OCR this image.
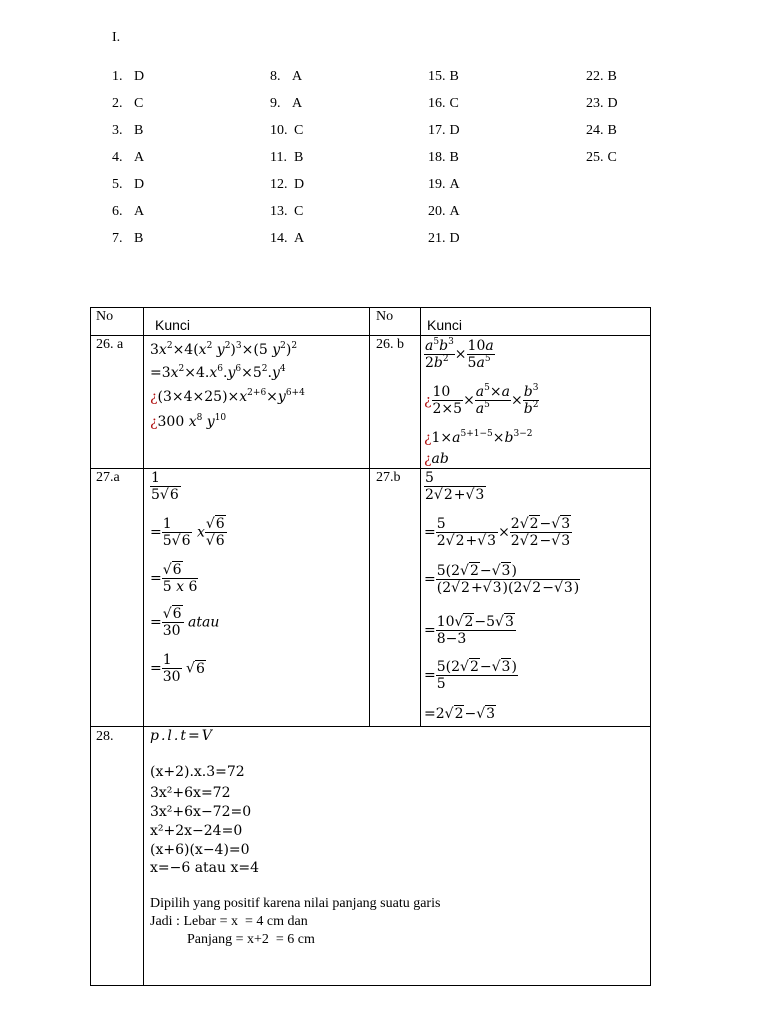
I.
1. D
2. C
3. B
4. A
5. D
6. A
7. B
8. A
9. A
10. C
11. B
12. D
13. C
14. A
15. B
16. C
17. D
18. B
19. A
20. A
21. D
22. B
23. D
24. B
25. C
No
Kunci
No
Kunci
26. a	26. b
27.a	27.b
28.
$3x^2\times 4(x^2$ $y^2)^3\times(5$ $y^2)^2$
$=3x^2\times 4.x^6.y^6\times 5^2.y^4$
¿$(3\times 4\times 25)\times x^{2+6}\times y^{6+4}$
¿300 $x^8$ $y^{10}$
$\frac{a^5b^3}{2b^2} \times \frac{10a}{5a^5}$
¿ $\frac{10}{2\times 5} \times \frac{a^5\times a}{a^5} \times \frac{b^3}{b^2}$
¿$1\times a^{5+1-5}\times b^{3-2}$
¿ab
$\frac{1}{5√6}$
= $\frac{1}{5√6}$ x $\frac{√6}{√6}$
= $\frac{√6}{5 x 6}$
= $\frac{√6}{30}$ atau
= $\frac{1}{30} √6$
$\frac{5}{2√2+√3}$
= $\frac{5}{2√2+√3} \times \frac{2√2-√3}{2√2-√3}$
= $\frac{5(2√2-√3)}{(2√2+√3)(2√2-√3)}$
= $\frac{10√2-5√3}{8-3}$
= $\frac{5(2√2-√3)}{5}$
=2√2−√3
p.l.t=V
(x+2).x.3=72
3x²+6x=72
3x²+6x−72=0
x²+2x−24=0
(x+6)(x−4)=0
x=−6 atau x=4
Dipilih yang positif karena nilai panjang suatu garis
Jadi : Lebar = x  = 4 cm dan
Panjang = x+2  = 6 cm
